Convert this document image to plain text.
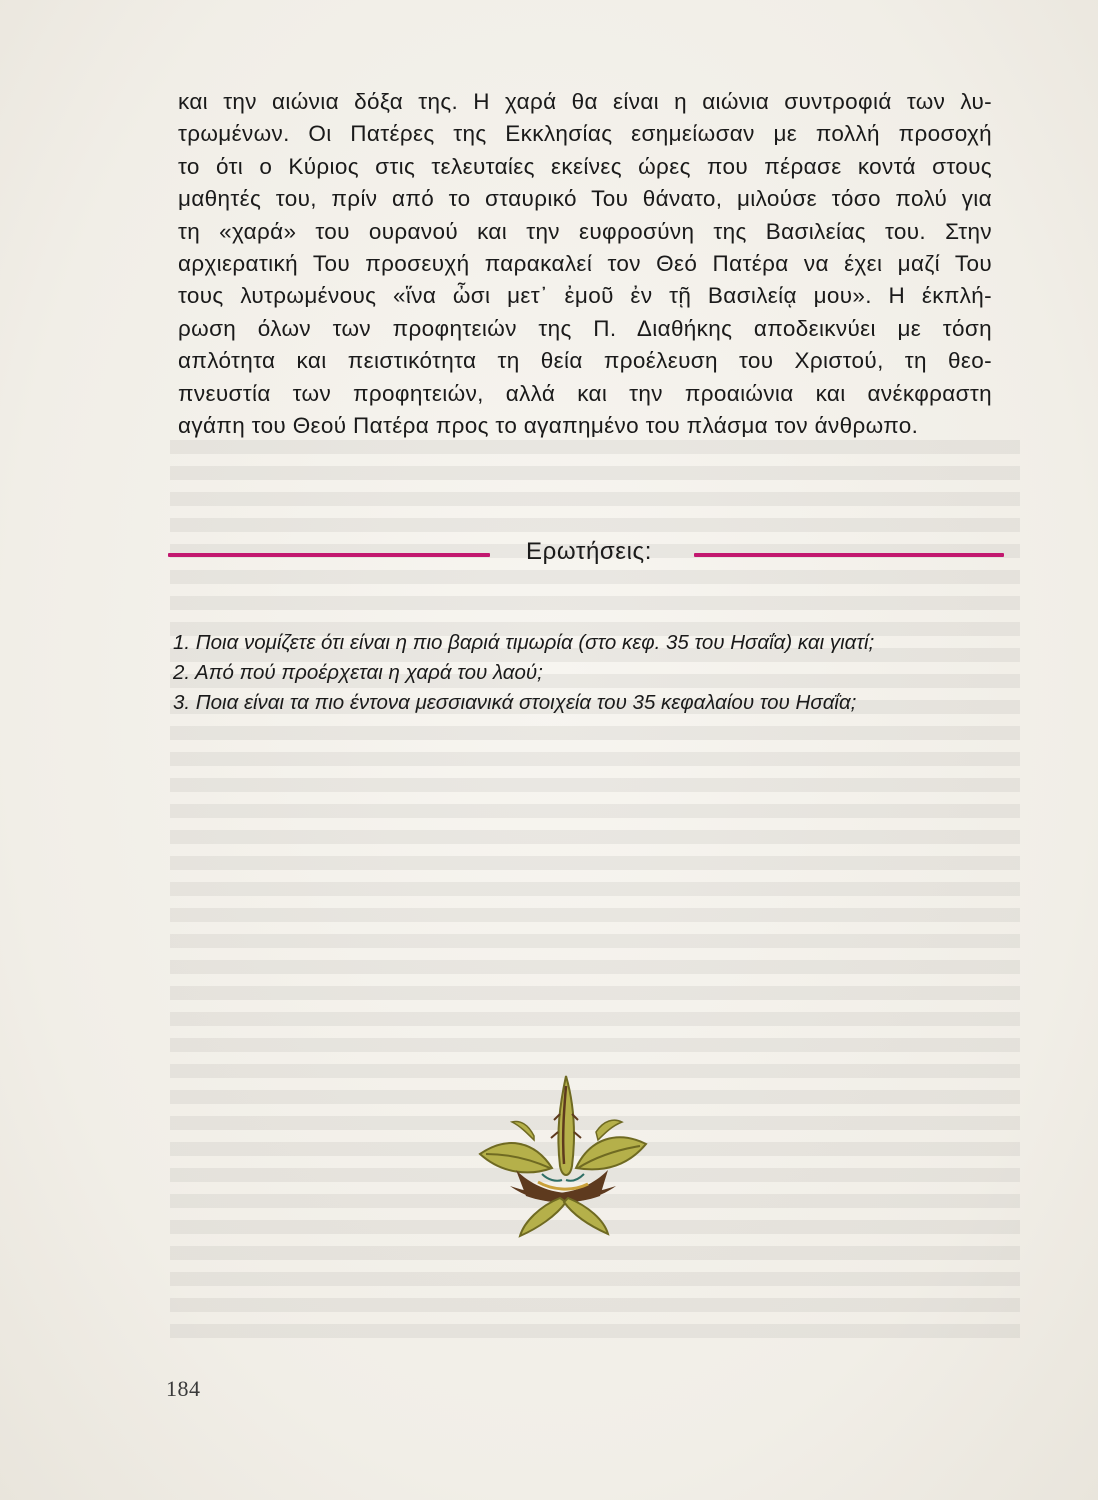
και την αιώνια δόξα της. Η χαρά θα είναι η αιώνια συντροφιά των λυ-
τρωμένων. Οι Πατέρες της Εκκλησίας εσημείωσαν με πολλή προσοχή
το ότι ο Κύριος στις τελευταίες εκείνες ώρες που πέρασε κοντά στους
μαθητές του, πρίν από το σταυρικό Του θάνατο, μιλούσε τόσο πολύ για
τη «χαρά» του ουρανού και την ευφροσύνη της Βασιλείας του. Στην
αρχιερατική Του προσευχή παρακαλεί τον Θεό Πατέρα να έχει μαζί Του
τους λυτρωμένους «ἵνα ὦσι μετ᾽ ἐμοῦ ἐν τῇ Βασιλείᾳ μου». Η έκπλή-
ρωση όλων των προφητειών της Π. Διαθήκης αποδεικνύει με τόση
απλότητα και πειστικότητα τη θεία προέλευση του Χριστού, τη θεο-
πνευστία των προφητειών, αλλά και την προαιώνια και ανέκφραστη
αγάπη του Θεού Πατέρα προς το αγαπημένο του πλάσμα τον άνθρωπο.
Ερωτήσεις:
1. Ποια νομίζετε ότι είναι η πιο βαριά τιμωρία (στο κεφ. 35 του Ησαΐα) και γιατί;
2. Από πού προέρχεται η χαρά του λαού;
3. Ποια είναι τα πιο έντονα μεσσιανικά στοιχεία του 35 κεφαλαίου του Ησαΐα;
184
